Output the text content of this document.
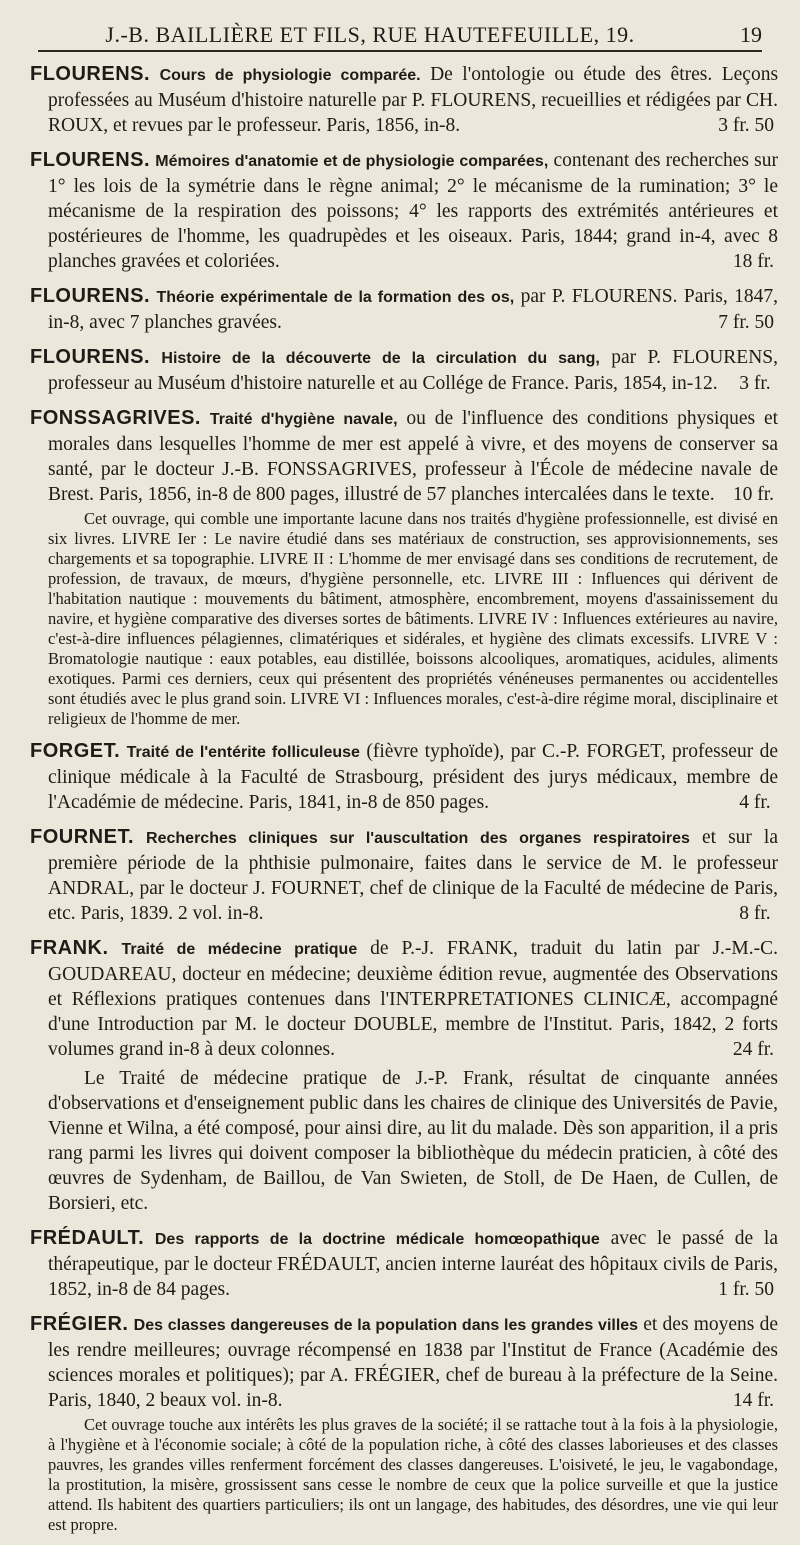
J.-B. BAILLIÈRE ET FILS, RUE HAUTEFEUILLE, 19.	19

FLOURENS. Cours de physiologie comparée. De l'ontologie ou étude des êtres. Leçons professées au Muséum d'histoire naturelle par P. FLOURENS, recueillies et rédigées par CH. ROUX, et revues par le professeur. Paris, 1856, in-8.	3 fr. 50

FLOURENS. Mémoires d'anatomie et de physiologie comparées, contenant des recherches sur 1° les lois de la symétrie dans le règne animal; 2° le mécanisme de la rumination; 3° le mécanisme de la respiration des poissons; 4° les rapports des extrémités antérieures et postérieures de l'homme, les quadrupèdes et les oiseaux. Paris, 1844; grand in-4, avec 8 planches gravées et coloriées.	18 fr.

FLOURENS. Théorie expérimentale de la formation des os, par P. FLOURENS. Paris, 1847, in-8, avec 7 planches gravées.	7 fr. 50

FLOURENS. Histoire de la découverte de la circulation du sang, par P. FLOURENS, professeur au Muséum d'histoire naturelle et au Collége de France. Paris, 1854, in-12. 3 fr.

FONSSAGRIVES. Traité d'hygiène navale, ou de l'influence des conditions physiques et morales dans lesquelles l'homme de mer est appelé à vivre, et des moyens de conserver sa santé, par le docteur J.-B. FONSSAGRIVES, professeur à l'École de médecine navale de Brest. Paris, 1856, in-8 de 800 pages, illustré de 57 planches intercalées dans le texte. 10 fr.

Cet ouvrage, qui comble une importante lacune dans nos traités d'hygiène professionnelle, est divisé en six livres. LIVRE Ier : Le navire étudié dans ses matériaux de construction, ses approvisionnements, ses chargements et sa topographie. LIVRE II : L'homme de mer envisagé dans ses conditions de recrutement, de profession, de travaux, de mœurs, d'hygiène personnelle, etc. LIVRE III : Influences qui dérivent de l'habitation nautique : mouvements du bâtiment, atmosphère, encombrement, moyens d'assainissement du navire, et hygiène comparative des diverses sortes de bâtiments. LIVRE IV : Influences extérieures au navire, c'est-à-dire influences pélagiennes, climatériques et sidérales, et hygiène des climats excessifs. LIVRE V : Bromatologie nautique : eaux potables, eau distillée, boissons alcooliques, aromatiques, acidules, aliments exotiques. Parmi ces derniers, ceux qui présentent des propriétés vénéneuses permanentes ou accidentelles sont étudiés avec le plus grand soin. LIVRE VI : Influences morales, c'est-à-dire régime moral, disciplinaire et religieux de l'homme de mer.

FORGET. Traité de l'entérite folliculeuse (fièvre typhoïde), par C.-P. FORGET, professeur de clinique médicale à la Faculté de Strasbourg, président des jurys médicaux, membre de l'Académie de médecine. Paris, 1841, in-8 de 850 pages.	4 fr.

FOURNET. Recherches cliniques sur l'auscultation des organes respiratoires et sur la première période de la phthisie pulmonaire, faites dans le service de M. le professeur ANDRAL, par le docteur J. FOURNET, chef de clinique de la Faculté de médecine de Paris, etc. Paris, 1839. 2 vol. in-8.	8 fr.

FRANK. Traité de médecine pratique de P.-J. FRANK, traduit du latin par J.-M.-C. GOUDAREAU, docteur en médecine; deuxième édition revue, augmentée des Observations et Réflexions pratiques contenues dans l'INTERPRETATIONES CLINICÆ, accompagné d'une Introduction par M. le docteur DOUBLE, membre de l'Institut. Paris, 1842, 2 forts volumes grand in-8 à deux colonnes.	24 fr.

Le Traité de médecine pratique de J.-P. Frank, résultat de cinquante années d'observations et d'enseignement public dans les chaires de clinique des Universités de Pavie, Vienne et Wilna, a été composé, pour ainsi dire, au lit du malade. Dès son apparition, il a pris rang parmi les livres qui doivent composer la bibliothèque du médecin praticien, à côté des œuvres de Sydenham, de Baillou, de Van Swieten, de Stoll, de De Haen, de Cullen, de Borsieri, etc.

FRÉDAULT. Des rapports de la doctrine médicale homœopathique avec le passé de la thérapeutique, par le docteur FRÉDAULT, ancien interne lauréat des hôpitaux civils de Paris, 1852, in-8 de 84 pages.	1 fr. 50

FRÉGIER. Des classes dangereuses de la population dans les grandes villes et des moyens de les rendre meilleures; ouvrage récompensé en 1838 par l'Institut de France (Académie des sciences morales et politiques); par A. FRÉGIER, chef de bureau à la préfecture de la Seine. Paris, 1840, 2 beaux vol. in-8.	14 fr.

Cet ouvrage touche aux intérêts les plus graves de la société; il se rattache tout à la fois à la physiologie, à l'hygiène et à l'économie sociale; à côté de la population riche, à côté des classes laborieuses et des classes pauvres, les grandes villes renferment forcément des classes dangereuses. L'oisiveté, le jeu, le vagabondage, la prostitution, la misère, grossissent sans cesse le nombre de ceux que la police surveille et que la justice attend. Ils habitent des quartiers particuliers; ils ont un langage, des habitudes, des désordres, une vie qui leur est propre.
